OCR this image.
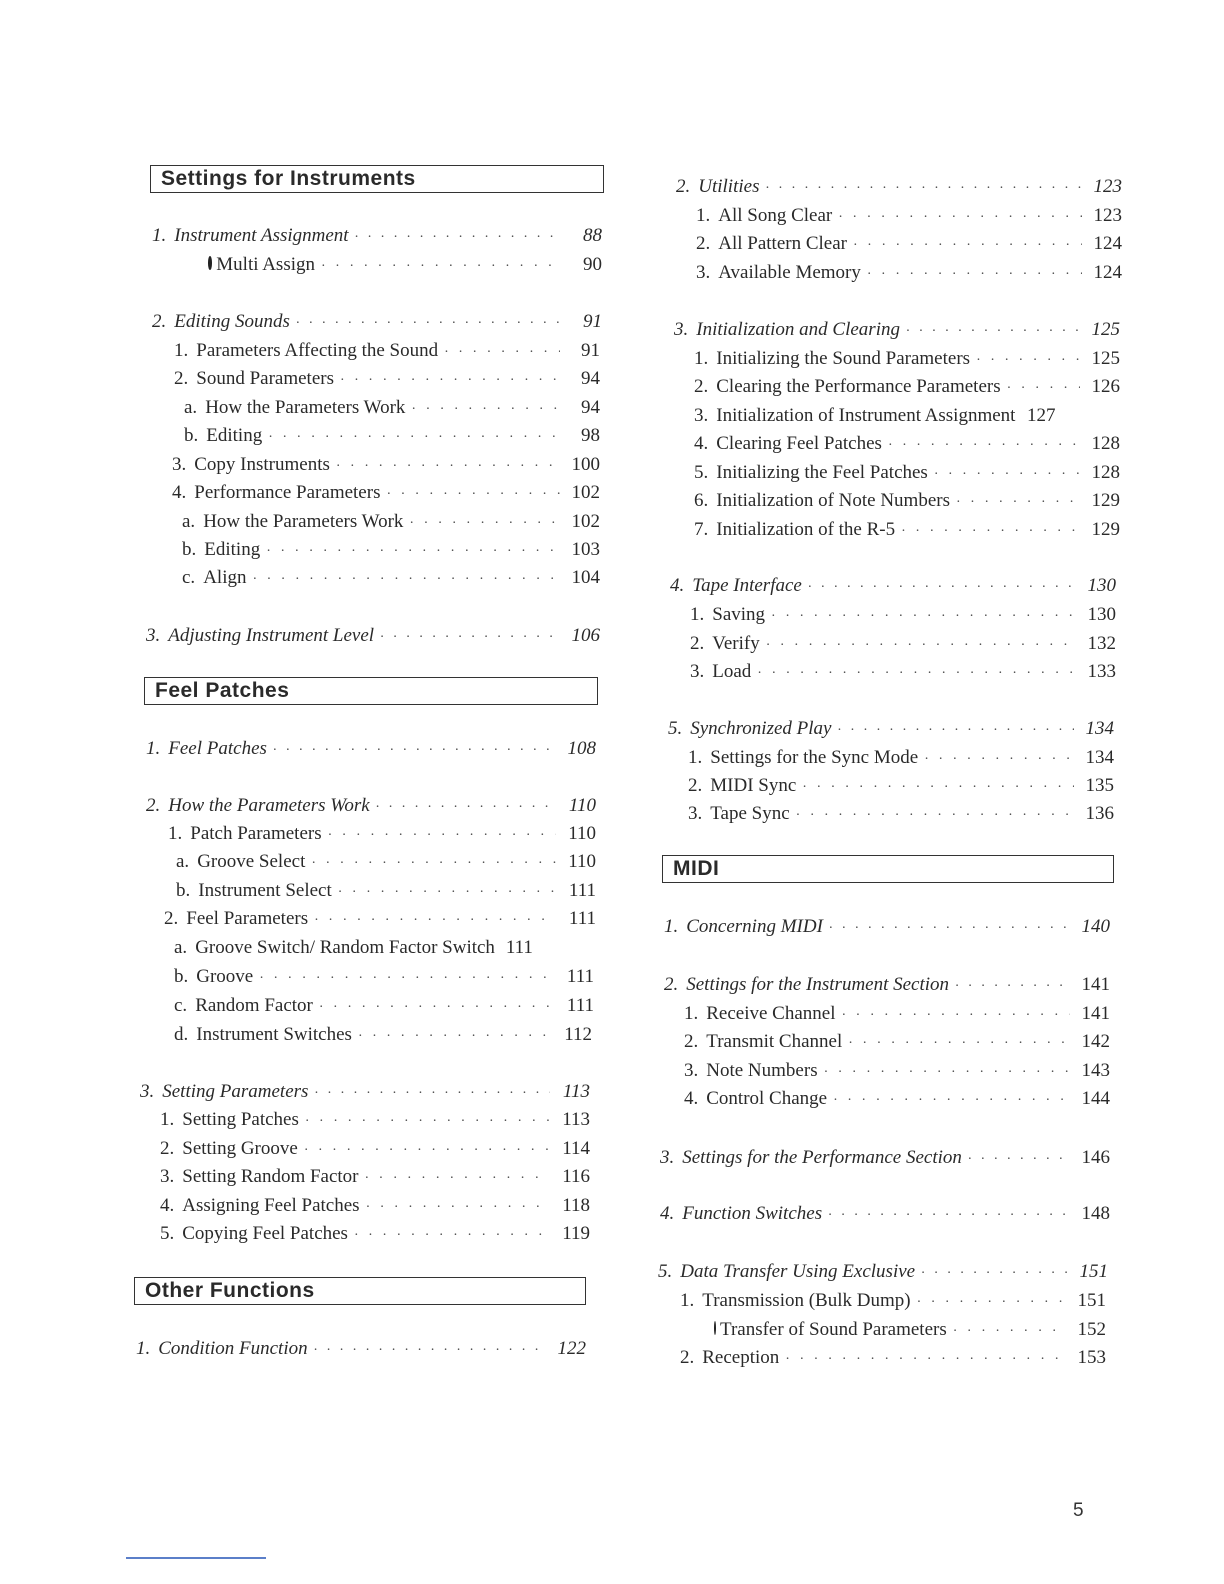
Settings for Instruments
1. Instrument Assignment · · ·	88
Multi Assign · · ·	90
2. Editing Sounds · · ·	91
1. Parameters Affecting the Sound · · ·	91
2. Sound Parameters · · ·	94
a. How the Parameters Work · · ·	94
b. Editing · · ·	98
3. Copy Instruments · · ·	100
4. Performance Parameters · · ·	102
a. How the Parameters Work · · ·	102
b. Editing · · ·	103
c. Align · · ·	104
3. Adjusting Instrument Level · · ·	106
Feel Patches
1. Feel Patches · · ·	108
2. How the Parameters Work · · ·	110
1. Patch Parameters · · ·	110
a. Groove Select · · ·	110
b. Instrument Select · · ·	111
2. Feel Parameters · · ·	111
a. Groove Switch/ Random Factor Switch 111
b. Groove · · ·	111
c. Random Factor · · ·	111
d. Instrument Switches · · ·	112
3. Setting Parameters · · ·	113
1. Setting Patches · · ·	113
2. Setting Groove · · ·	114
3. Setting Random Factor · · ·	116
4. Assigning Feel Patches · · ·	118
5. Copying Feel Patches · · ·	119
Other Functions
1. Condition Function · · ·	122
2. Utilities · · ·	123
1. All Song Clear · · ·	123
2. All Pattern Clear · · ·	124
3. Available Memory · · ·	124
3. Initialization and Clearing · · ·	125
1. Initializing the Sound Parameters · · ·	125
2. Clearing the Performance Parameters · · ·	126
3. Initialization of Instrument Assignment 127
4. Clearing Feel Patches · · ·	128
5. Initializing the Feel Patches · · ·	128
6. Initialization of Note Numbers · · ·	129
7. Initialization of the R-5 · · ·	129
4. Tape Interface · · ·	130
1. Saving · · ·	130
2. Verify · · ·	132
3. Load · · ·	133
5. Synchronized Play · · ·	134
1. Settings for the Sync Mode · · ·	134
2. MIDI Sync · · ·	135
3. Tape Sync · · ·	136
MIDI
1. Concerning MIDI · · ·	140
2. Settings for the Instrument Section · · ·	141
1. Receive Channel · · ·	141
2. Transmit Channel · · ·	142
3. Note Numbers · · ·	143
4. Control Change · · ·	144
3. Settings for the Performance Section · · ·	146
4. Function Switches · · ·	148
5. Data Transfer Using Exclusive · · ·	151
1. Transmission (Bulk Dump) · · ·	151
Transfer of Sound Parameters · · ·	152
2. Reception · · ·	153
5
